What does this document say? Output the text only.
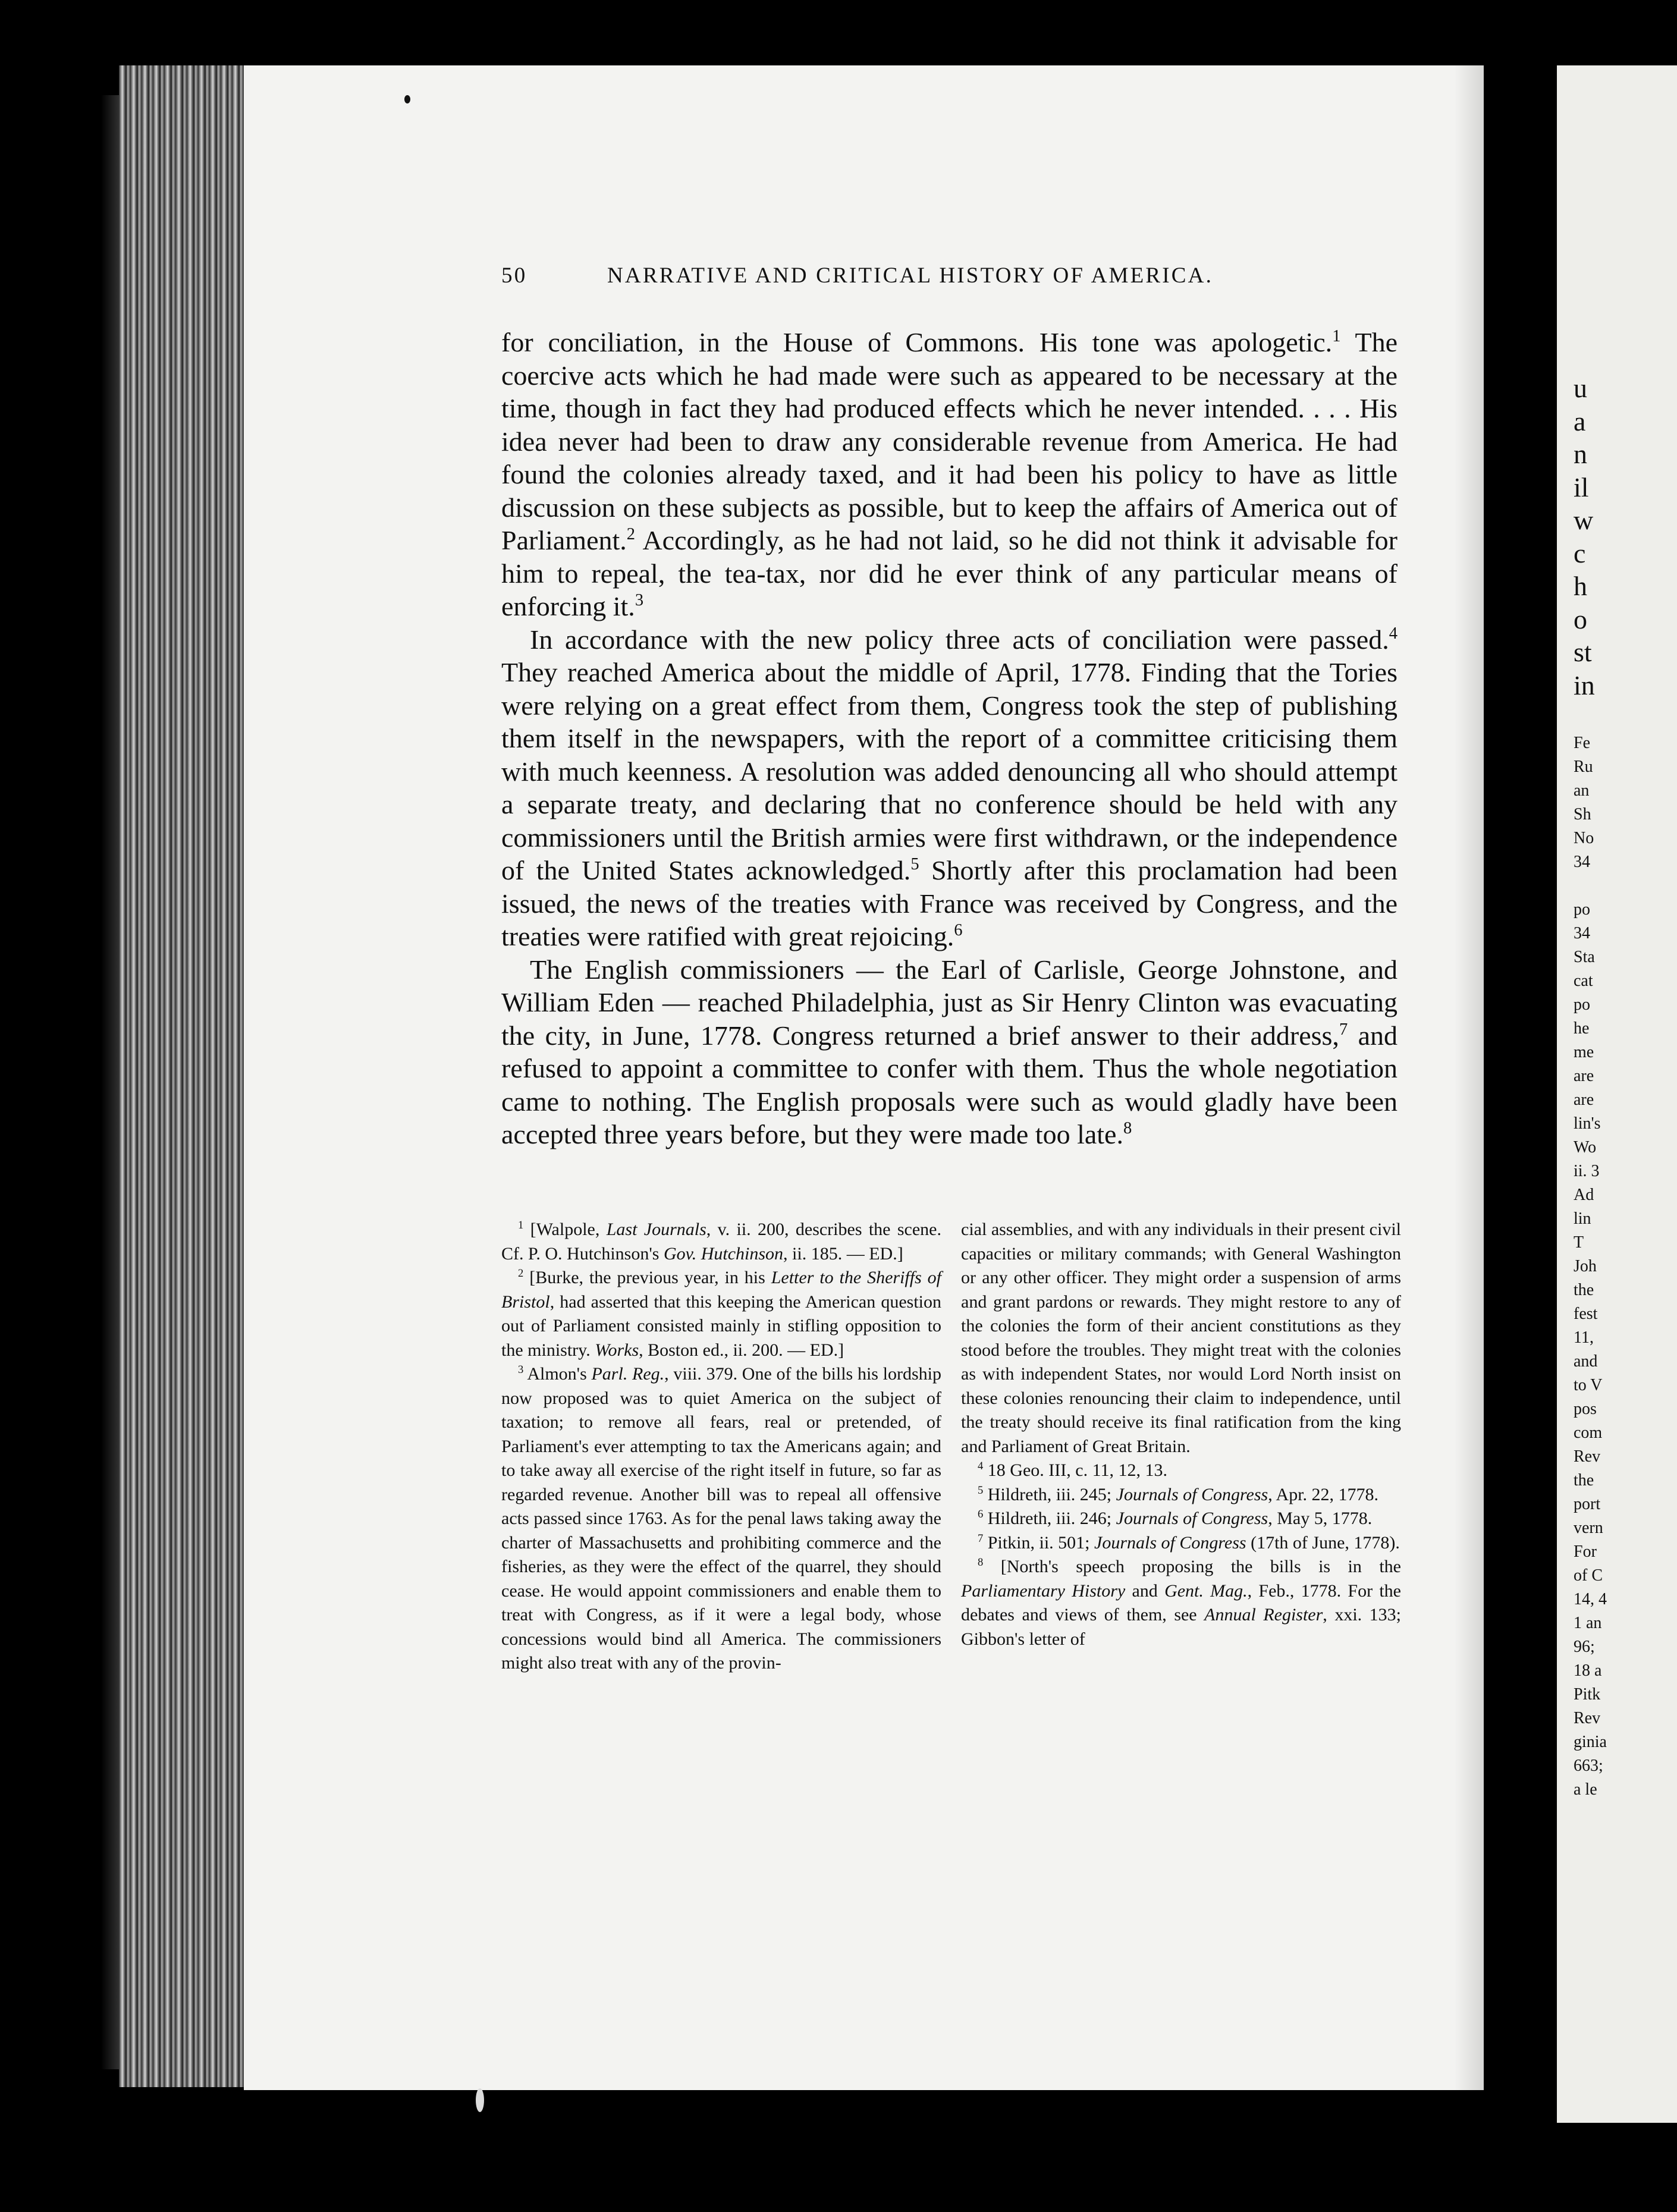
u
a
n
il
w
c
h
o
st
in
Fe
Ru
an
Sh
No
34

po
34
Sta
cat
po
he
me
are
are
lin's
Wo
ii. 3
Ad
lin
T
Joh
the
fest
11,
and
to V
pos
com
Rev
the
port
vern
For
of C
14, 4
1 an
96;
18 a
Pitk
Rev
ginia
663;
a le
50	NARRATIVE AND CRITICAL HISTORY OF AMERICA.

for conciliation, in the House of Commons. His tone was apologetic.$^1$ The coercive acts which he had made were such as appeared to be necessary at the time, though in fact they had produced effects which he never intended. . . . His idea never had been to draw any considerable revenue from America. He had found the colonies already taxed, and it had been his policy to have as little discussion on these subjects as possible, but to keep the affairs of America out of Parliament.$^2$ Accordingly, as he had not laid, so he did not think it advisable for him to repeal, the tea-tax, nor did he ever think of any particular means of enforcing it.$^3$

In accordance with the new policy three acts of conciliation were passed.$^4$ They reached America about the middle of April, 1778. Finding that the Tories were relying on a great effect from them, Congress took the step of publishing them itself in the newspapers, with the report of a committee criticising them with much keenness. A resolution was added denouncing all who should attempt a separate treaty, and declaring that no conference should be held with any commissioners until the British armies were first withdrawn, or the independence of the United States acknowledged.$^5$ Shortly after this proclamation had been issued, the news of the treaties with France was received by Congress, and the treaties were ratified with great rejoicing.$^6$

The English commissioners — the Earl of Carlisle, George Johnstone, and William Eden — reached Philadelphia, just as Sir Henry Clinton was evacuating the city, in June, 1778. Congress returned a brief answer to their address,$^7$ and refused to appoint a committee to confer with them. Thus the whole negotiation came to nothing. The English proposals were such as would gladly have been accepted three years before, but they were made too late.$^8$

$^1$ [Walpole, Last Journals, v. ii. 200, describes the scene. Cf. P. O. Hutchinson's Gov. Hutchinson, ii. 185. — ED.]

$^2$ [Burke, the previous year, in his Letter to the Sheriffs of Bristol, had asserted that this keeping the American question out of Parliament consisted mainly in stifling opposition to the ministry. Works, Boston ed., ii. 200. — ED.]

$^3$ Almon's Parl. Reg., viii. 379. One of the bills his lordship now proposed was to quiet America on the subject of taxation; to remove all fears, real or pretended, of Parliament's ever attempting to tax the Americans again; and to take away all exercise of the right itself in future, so far as regarded revenue. Another bill was to repeal all offensive acts passed since 1763. As for the penal laws taking away the charter of Massachusetts and prohibiting commerce and the fisheries, as they were the effect of the quarrel, they should cease. He would appoint commissioners and enable them to treat with Congress, as if it were a legal body, whose concessions would bind all America. The commissioners might also treat with any of the provin-

cial assemblies, and with any individuals in their present civil capacities or military commands; with General Washington or any other officer. They might order a suspension of arms and grant pardons or rewards. They might restore to any of the colonies the form of their ancient constitutions as they stood before the troubles. They might treat with the colonies as with independent States, nor would Lord North insist on these colonies renouncing their claim to independence, until the treaty should receive its final ratification from the king and Parliament of Great Britain.

$^4$ 18 Geo. III, c. 11, 12, 13.

$^5$ Hildreth, iii. 245; Journals of Congress, Apr. 22, 1778.

$^6$ Hildreth, iii. 246; Journals of Congress, May 5, 1778.

$^7$ Pitkin, ii. 501; Journals of Congress (17th of June, 1778).

$^8$ [North's speech proposing the bills is in the Parliamentary History and Gent. Mag., Feb., 1778. For the debates and views of them, see Annual Register, xxi. 133; Gibbon's letter of
